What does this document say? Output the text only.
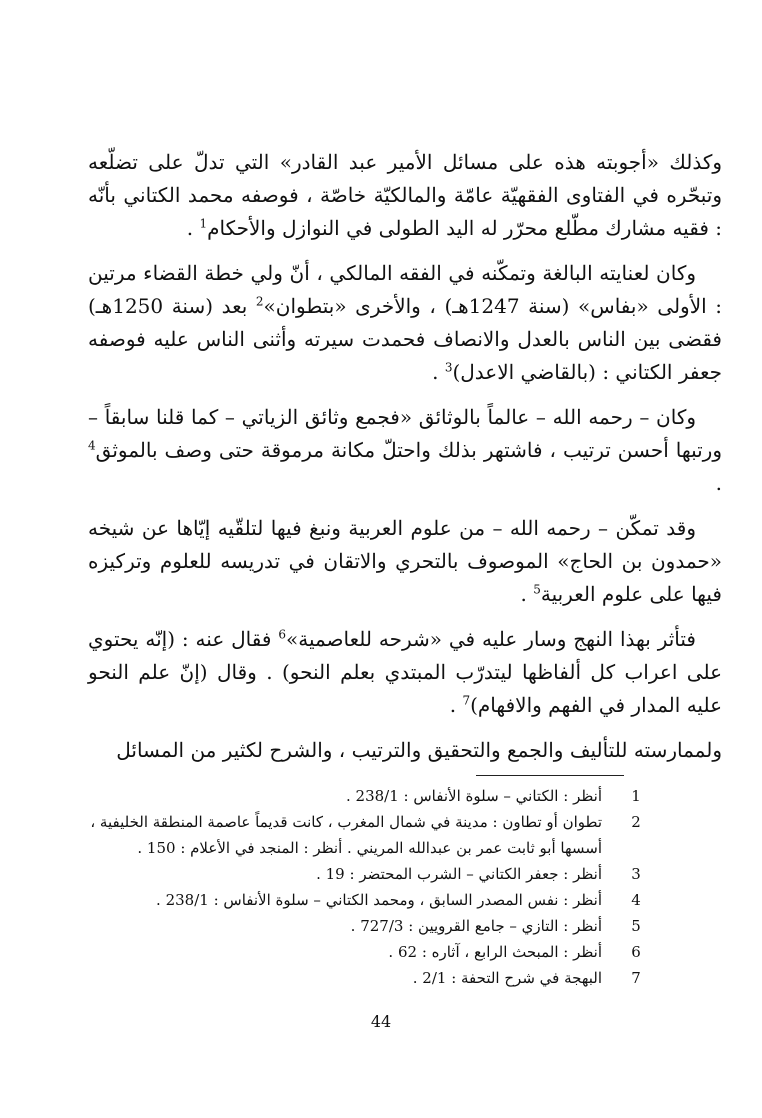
وكذلك «أجوبته هذه على مسائل الأمير عبد القادر» التي تدلّ على تضلّعه وتبحّره في الفتاوى الفقهيّة عامّة والمالكيّة خاصّة ، فوصفه محمد الكتاني بأنّه : فقيه مشارك مطّلع محرّر له اليد الطولى في النوازل والأحكام$^1$ .

وكان لعنايته البالغة وتمكّنه في الفقه المالكي ، أنّ ولي خطة القضاء مرتين : الأولى «بفاس» (سنة 1247هـ) ، والأخرى «بتطوان»$^2$ بعد (سنة 1250هـ) فقضى بين الناس بالعدل والانصاف فحمدت سيرته وأثنى الناس عليه فوصفه جعفر الكتاني : (بالقاضي الاعدل)$^3$ .

وكان – رحمه الله – عالماً بالوثائق «فجمع وثائق الزياتي – كما قلنا سابقاً – ورتبها أحسن ترتيب ، فاشتهر بذلك واحتلّ مكانة مرموقة حتى وصف بالموثق$^4$ .

وقد تمكّن – رحمه الله – من علوم العربية ونبغ فيها لتلقّيه إيّاها عن شيخه «حمدون بن الحاج» الموصوف بالتحري والاتقان في تدريسه للعلوم وتركيزه فيها على علوم العربية$^5$ .

فتأثر بهذا النهج وسار عليه في «شرحه للعاصمية»$^6$ فقال عنه : (إنّه يحتوي على اعراب كل ألفاظها ليتدرّب المبتدي بعلم النحو) . وقال (إنّ علم النحو عليه المدار في الفهم والافهام)$^7$ .

ولممارسته للتأليف والجمع والتحقيق والترتيب ، والشرح لكثير من المسائل

1
أنظر : الكتاني – سلوة الأنفاس : 238/1 .
2
تطوان أو تطاون : مدينة في شمال المغرب ، كانت قديماً عاصمة المنطقة الخليفية ، أسسها أبو ثابت عمر بن عبدالله المريني . أنظر : المنجد في الأعلام : 150 .
3
أنظر : جعفر الكتاني – الشرب المحتضر : 19 .
4
أنظر : نفس المصدر السابق ، ومحمد الكتاني – سلوة الأنفاس : 238/1 .
5
أنظر : التازي – جامع القرويين : 727/3 .
6
أنظر : المبحث الرابع ، آثاره : 62 .
7
البهجة في شرح التحفة : 2/1 .
44
